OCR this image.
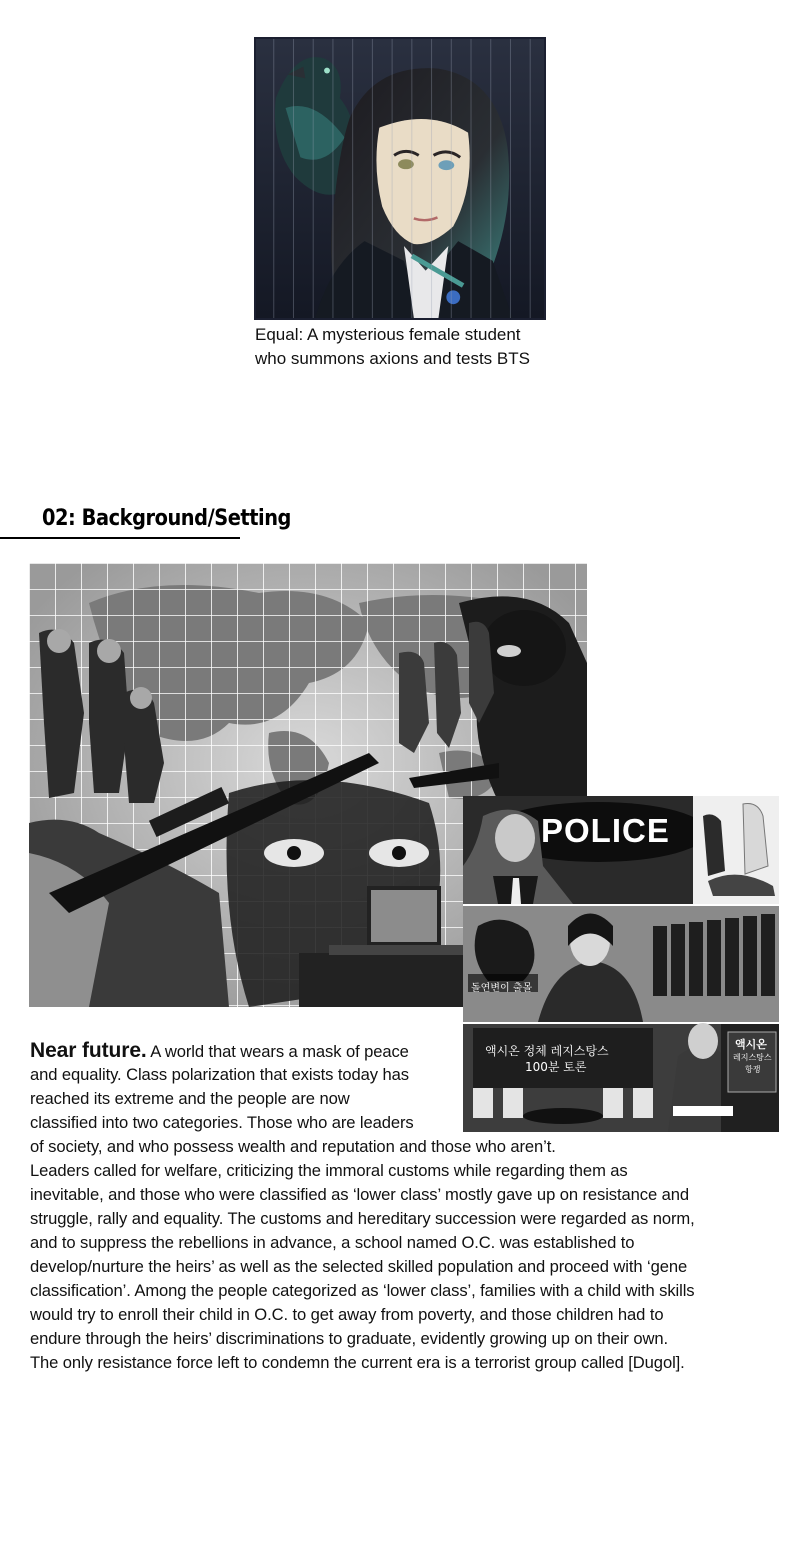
Equal: A mysterious female student
who summons axions and tests BTS
02: Background/Setting
POLICE
돌연변이 출몰
액시온 정체 레지스탕스
100분 토론
액시온
레지스탕스
항쟁
Near future. A world that wears a mask of peace
and equality. Class polarization that exists today has
reached its extreme and the people are now
classified into two categories. Those who are leaders
of society, and who possess wealth and reputation and those who aren’t.
Leaders called for welfare, criticizing the immoral customs while regarding them as
inevitable, and those who were classified as ‘lower class’ mostly gave up on resistance and
struggle, rally and equality. The customs and hereditary succession were regarded as norm,
and to suppress the rebellions in advance, a school named O.C. was established to
develop/nurture the heirs’ as well as the selected skilled population and proceed with ‘gene
classification’. Among the people categorized as ‘lower class’, families with a child with skills
would try to enroll their child in O.C. to get away from poverty, and those children had to
endure through the heirs’ discriminations to graduate, evidently growing up on their own.
The only resistance force left to condemn the current era is a terrorist group called [Dugol].
